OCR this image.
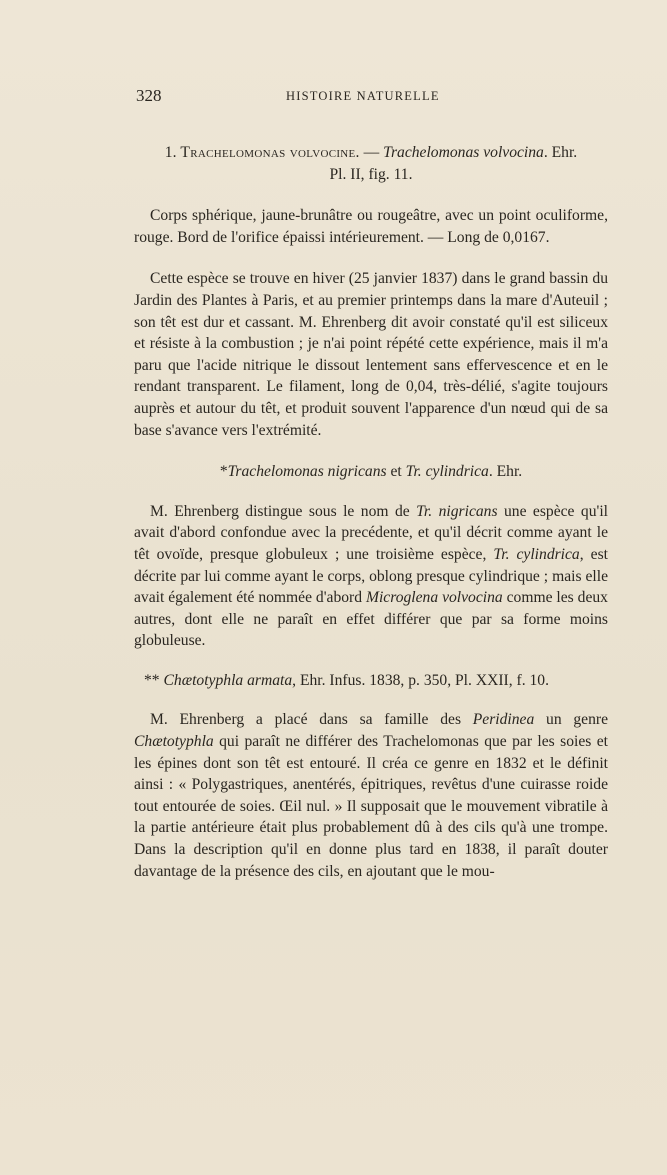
328	HISTOIRE NATURELLE
1. Trachelomonas volvocine. — Trachelomonas volvocina. Ehr.
Pl. II, fig. 11.

Corps sphérique, jaune-brunâtre ou rougeâtre, avec un point oculiforme, rouge. Bord de l'orifice épaissi intérieurement. — Long de 0,0167.

Cette espèce se trouve en hiver (25 janvier 1837) dans le grand bassin du Jardin des Plantes à Paris, et au premier printemps dans la mare d'Auteuil ; son têt est dur et cassant. M. Ehrenberg dit avoir constaté qu'il est siliceux et résiste à la combustion ; je n'ai point répété cette expérience, mais il m'a paru que l'acide nitrique le dissout lentement sans effervescence et en le rendant transparent. Le filament, long de 0,04, très-délié, s'agite toujours auprès et autour du têt, et produit souvent l'apparence d'un nœud qui de sa base s'avance vers l'extrémité.

*Trachelomonas nigricans et Tr. cylindrica. Ehr.

M. Ehrenberg distingue sous le nom de Tr. nigricans une espèce qu'il avait d'abord confondue avec la precédente, et qu'il décrit comme ayant le têt ovoïde, presque globuleux ; une troisième espèce, Tr. cylindrica, est décrite par lui comme ayant le corps, oblong presque cylindrique ; mais elle avait également été nommée d'abord Microglena volvocina comme les deux autres, dont elle ne paraît en effet différer que par sa forme moins globuleuse.

** Chætotyphla armata, Ehr. Infus. 1838, p. 350, Pl. XXII, f. 10.

M. Ehrenberg a placé dans sa famille des Peridinea un genre Chætotyphla qui paraît ne différer des Trachelomonas que par les soies et les épines dont son têt est entouré. Il créa ce genre en 1832 et le définit ainsi : « Polygastriques, anentérés, épitriques, revêtus d'une cuirasse roide tout entourée de soies. Œil nul. » Il supposait que le mouvement vibratile à la partie antérieure était plus probablement dû à des cils qu'à une trompe. Dans la description qu'il en donne plus tard en 1838, il paraît douter davantage de la présence des cils, en ajoutant que le mou-
